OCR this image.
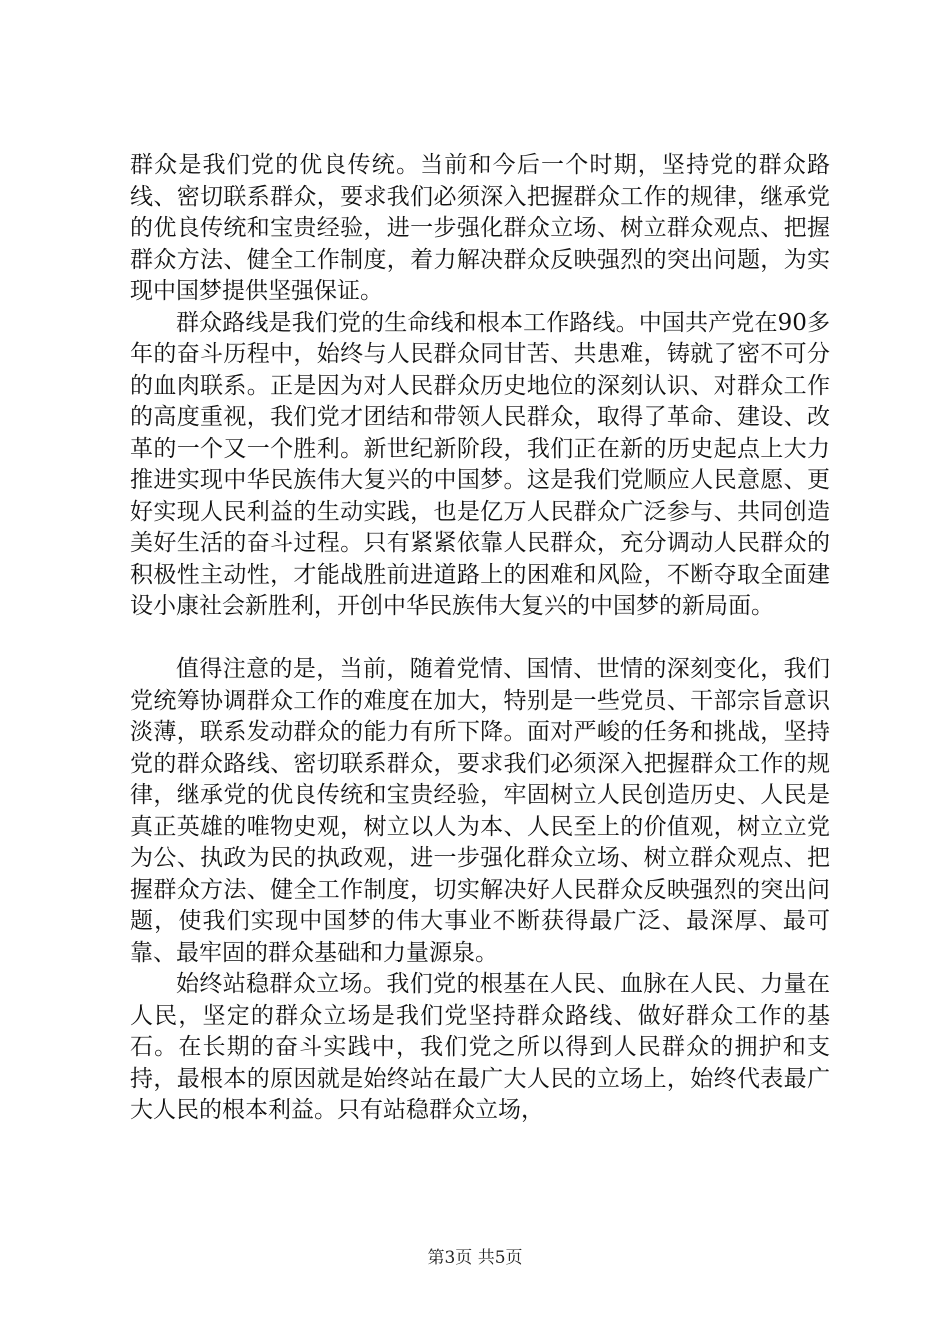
群众是我们党的优良传统。当前和今后一个时期，坚持党的群众路线、密切联系群众，要求我们必须深入把握群众工作的规律，继承党的优良传统和宝贵经验，进一步强化群众立场、树立群众观点、把握群众方法、健全工作制度，着力解决群众反映强烈的突出问题，为实现中国梦提供坚强保证。

群众路线是我们党的生命线和根本工作路线。中国共产党在90多年的奋斗历程中，始终与人民群众同甘苦、共患难，铸就了密不可分的血肉联系。正是因为对人民群众历史地位的深刻认识、对群众工作的高度重视，我们党才团结和带领人民群众，取得了革命、建设、改革的一个又一个胜利。新世纪新阶段，我们正在新的历史起点上大力推进实现中华民族伟大复兴的中国梦。这是我们党顺应人民意愿、更好实现人民利益的生动实践，也是亿万人民群众广泛参与、共同创造美好生活的奋斗过程。只有紧紧依靠人民群众，充分调动人民群众的积极性主动性，才能战胜前进道路上的困难和风险，不断夺取全面建设小康社会新胜利，开创中华民族伟大复兴的中国梦的新局面。

值得注意的是，当前，随着党情、国情、世情的深刻变化，我们党统筹协调群众工作的难度在加大，特别是一些党员、干部宗旨意识淡薄，联系发动群众的能力有所下降。面对严峻的任务和挑战，坚持党的群众路线、密切联系群众，要求我们必须深入把握群众工作的规律，继承党的优良传统和宝贵经验，牢固树立人民创造历史、人民是真正英雄的唯物史观，树立以人为本、人民至上的价值观，树立立党为公、执政为民的执政观，进一步强化群众立场、树立群众观点、把握群众方法、健全工作制度，切实解决好人民群众反映强烈的突出问题，使我们实现中国梦的伟大事业不断获得最广泛、最深厚、最可靠、最牢固的群众基础和力量源泉。

始终站稳群众立场。我们党的根基在人民、血脉在人民、力量在人民，坚定的群众立场是我们党坚持群众路线、做好群众工作的基石。在长期的奋斗实践中，我们党之所以得到人民群众的拥护和支持，最根本的原因就是始终站在最广大人民的立场上，始终代表最广大人民的根本利益。只有站稳群众立场，

第3页 共5页
